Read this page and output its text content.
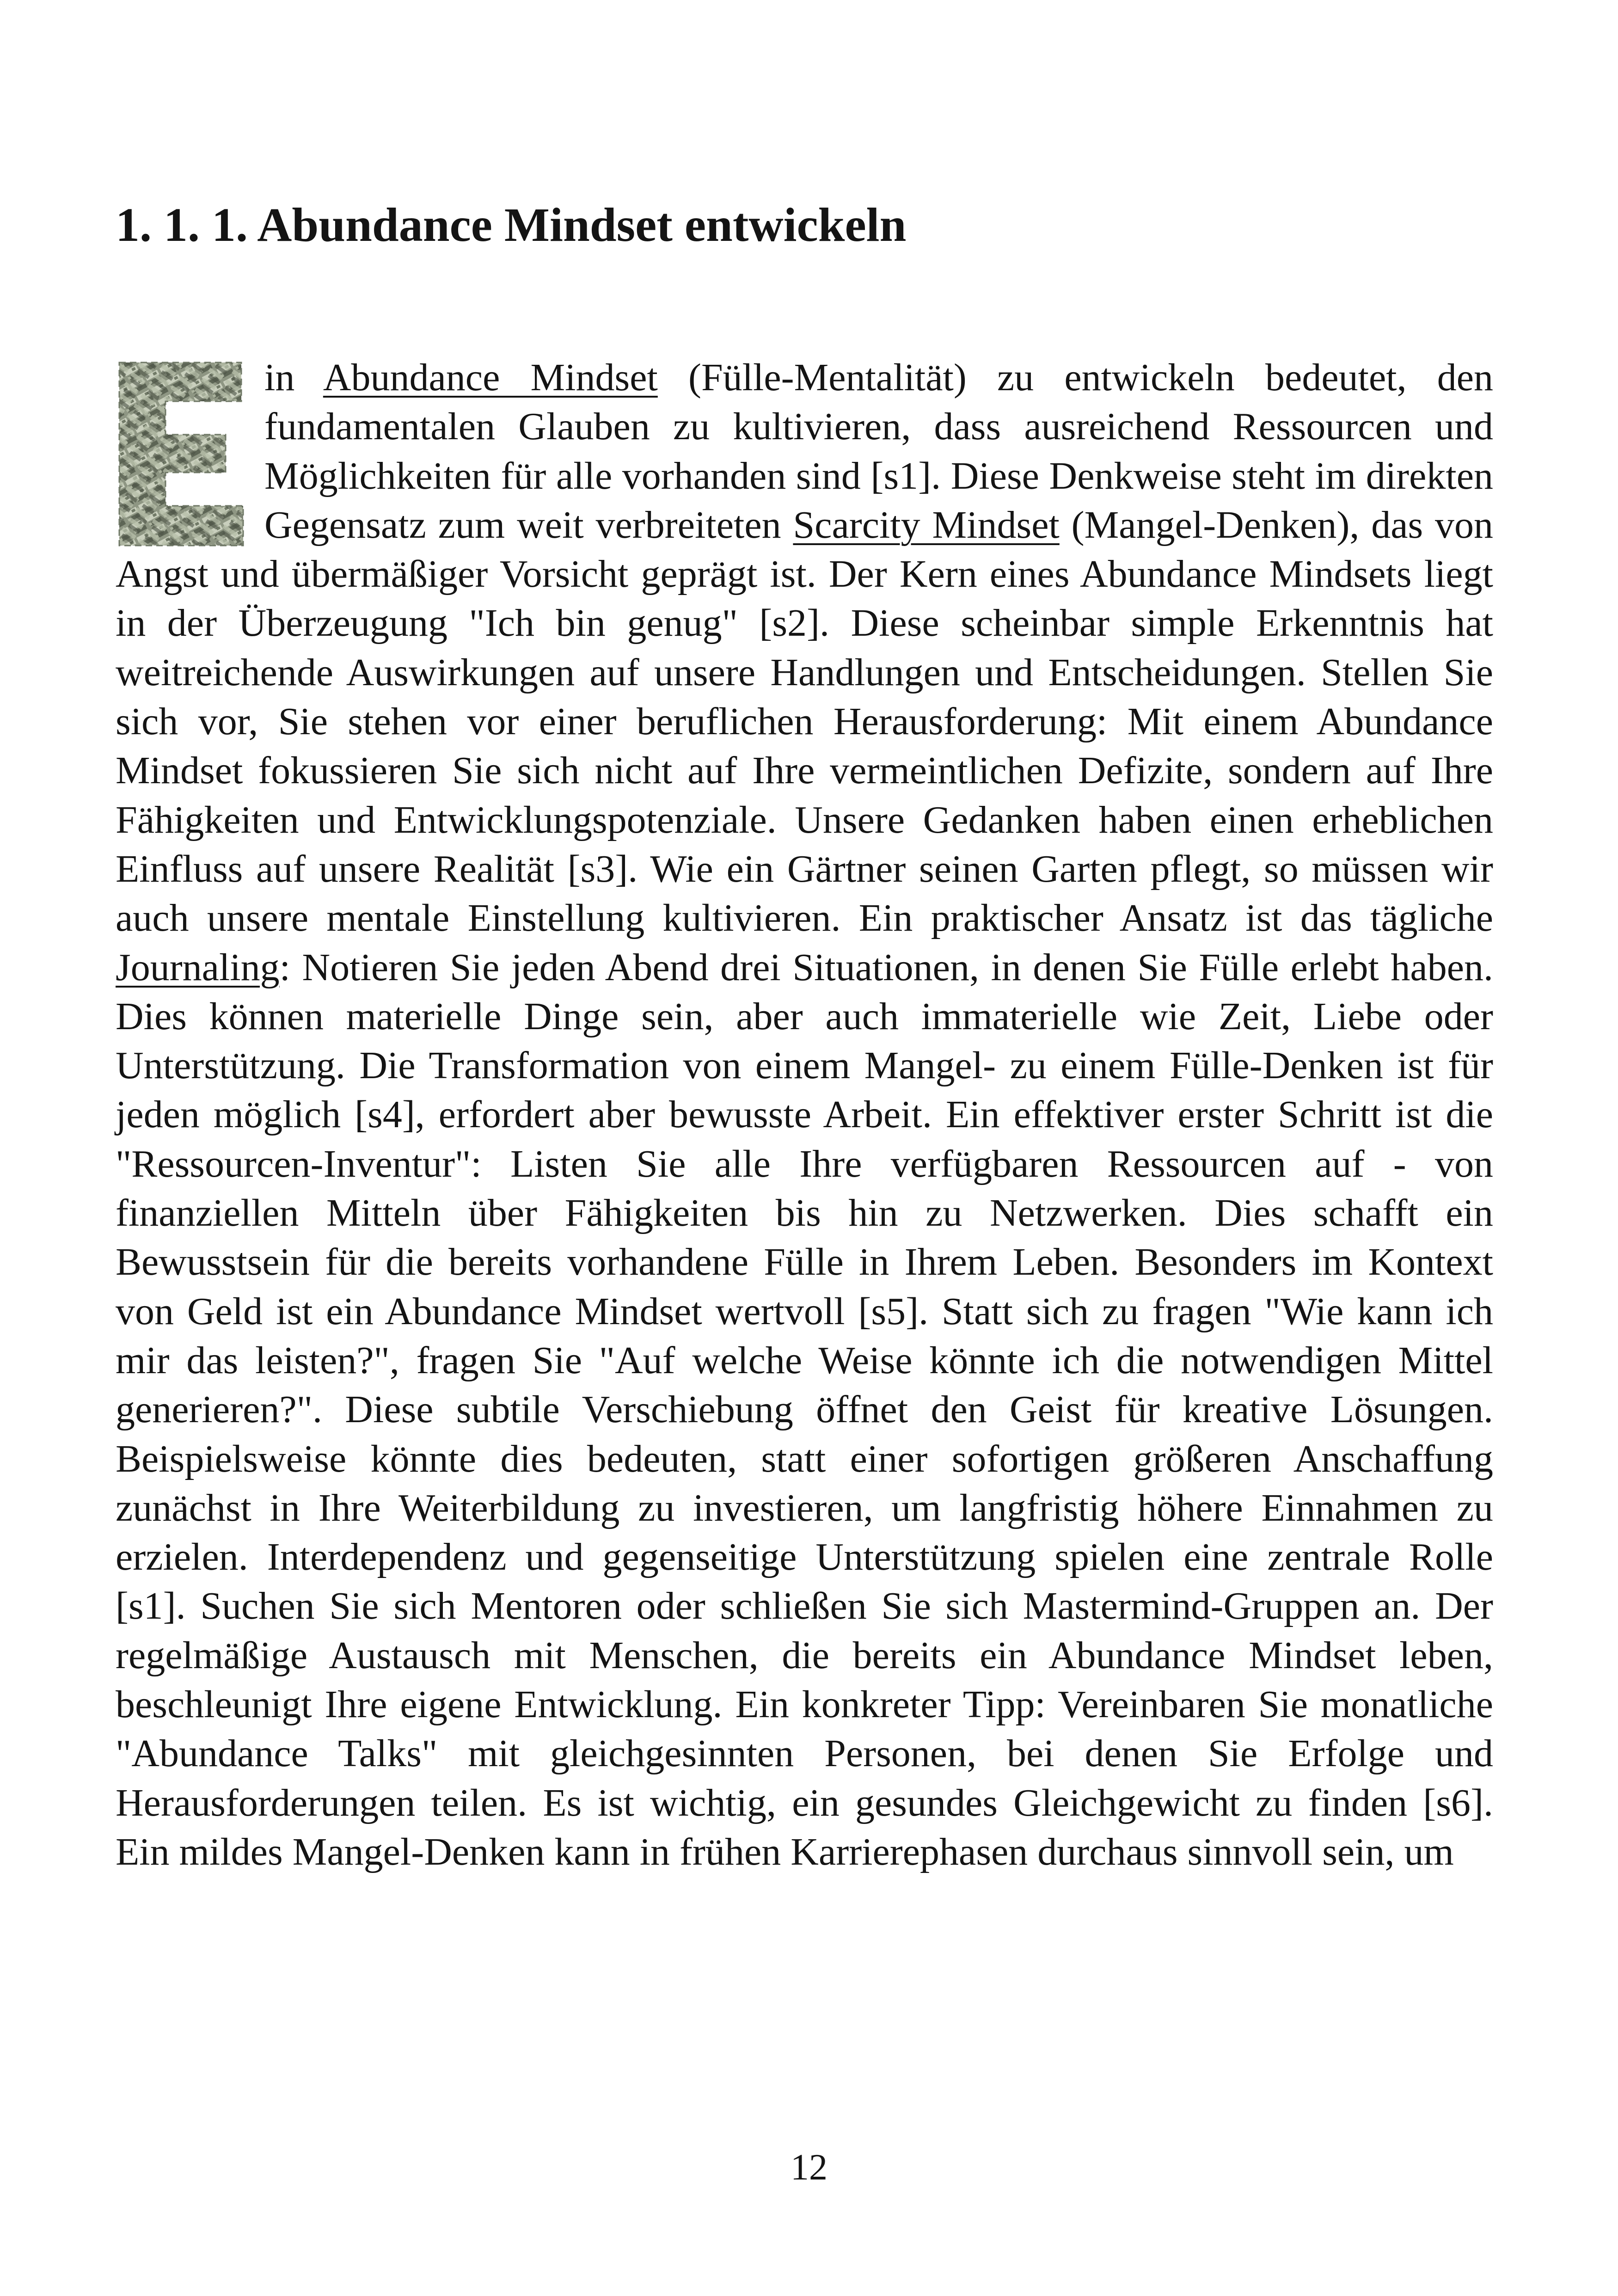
1. 1. 1. Abundance Mindset entwickeln

in Abundance Mindset (Fülle-Mentalität) zu entwickeln bedeutet, den fundamentalen Glauben zu kultivieren, dass ausreichend Ressourcen und Möglichkeiten für alle vorhanden sind [s1]. Diese Denkweise steht im direkten Gegensatz zum weit verbreiteten Scarcity Mindset (Mangel-Denken), das von Angst und übermäßiger Vorsicht geprägt ist. Der Kern eines Abundance Mindsets liegt in der Überzeugung "Ich bin genug" [s2]. Diese scheinbar simple Erkenntnis hat weitreichende Auswirkungen auf unsere Handlungen und Entscheidungen. Stellen Sie sich vor, Sie stehen vor einer beruflichen Herausforderung: Mit einem Abundance Mindset fokussieren Sie sich nicht auf Ihre vermeintlichen Defizite, sondern auf Ihre Fähigkeiten und Entwicklungspotenziale. Unsere Gedanken haben einen erheblichen Einfluss auf unsere Realität [s3]. Wie ein Gärtner seinen Garten pflegt, so müssen wir auch unsere mentale Einstellung kultivieren. Ein praktischer Ansatz ist das tägliche Journaling: Notieren Sie jeden Abend drei Situationen, in denen Sie Fülle erlebt haben. Dies können materielle Dinge sein, aber auch immaterielle wie Zeit, Liebe oder Unterstützung. Die Transformation von einem Mangel- zu einem Fülle-Denken ist für jeden möglich [s4], erfordert aber bewusste Arbeit. Ein effektiver erster Schritt ist die "Ressourcen-Inventur": Listen Sie alle Ihre verfügbaren Ressourcen auf - von finanziellen Mitteln über Fähigkeiten bis hin zu Netzwerken. Dies schafft ein Bewusstsein für die bereits vorhandene Fülle in Ihrem Leben. Besonders im Kontext von Geld ist ein Abundance Mindset wertvoll [s5]. Statt sich zu fragen "Wie kann ich mir das leisten?", fragen Sie "Auf welche Weise könnte ich die notwendigen Mittel generieren?". Diese subtile Verschiebung öffnet den Geist für kreative Lösungen. Beispielsweise könnte dies bedeuten, statt einer sofortigen größeren Anschaffung zunächst in Ihre Weiterbildung zu investieren, um langfristig höhere Einnahmen zu erzielen. Interdependenz und gegenseitige Unterstützung spielen eine zentrale Rolle [s1]. Suchen Sie sich Mentoren oder schließen Sie sich Mastermind-Gruppen an. Der regelmäßige Austausch mit Menschen, die bereits ein Abundance Mindset leben, beschleunigt Ihre eigene Entwicklung. Ein konkreter Tipp: Vereinbaren Sie monatliche "Abundance Talks" mit gleichgesinnten Personen, bei denen Sie Erfolge und Herausforderungen teilen. Es ist wichtig, ein gesundes Gleichgewicht zu finden [s6]. Ein mildes Mangel-Denken kann in frühen Karrierephasen durchaus sinnvoll sein, um

12
